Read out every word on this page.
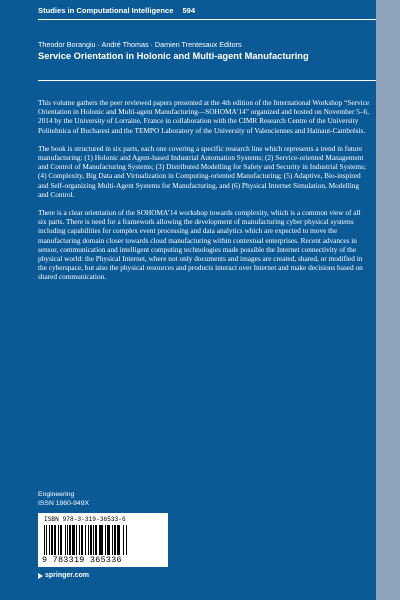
Studies in Computational Intelligence 594
Theodor Borangiu · André Thomas · Damien Trentesaux Editors
Service Orientation in Holonic and Multi-agent Manufacturing

This volume gathers the peer reviewed papers presented at the 4th edition of the International Workshop “Service Orientation in Holonic and Multi-agent Manufacturing—SOHOMA’14” organized and hosted on November 5–6, 2014 by the University of Lorraine, France in collaboration with the CIMR Research Centre of the University Politehnica of Bucharest and the TEMPO Laboratory of the University of Valenciennes and Hainaut-Cambrésis.

The book is structured in six parts, each one covering a specific research line which represents a trend in future manufacturing: (1) Holonic and Agent-based Industrial Automation Systems; (2) Service-oriented Management and Control of Manufacturing Systems; (3) Distributed Modelling for Safety and Security in Industrial Systems; (4) Complexity, Big Data and Virtualization in Computing-oriented Manufacturing; (5) Adaptive, Bio-inspired and Self-organizing Multi-Agent Systems for Manufacturing, and (6) Physical Internet Simulation, Modelling and Control.

There is a clear orientation of the SOHOMA’14 workshop towards complexity, which is a common view of all six parts. There is need for a framework allowing the development of manufacturing cyber physical systems including capabilities for complex event processing and data analytics which are expected to move the manufacturing domain closer towards cloud manufacturing within contextual enterprises. Recent advances in sensor, communication and intelligent computing technologies made possible the Internet connectivity of the physical world: the Physical Internet, where not only documents and images are created, shared, or modified in the cyberspace, but also the physical resources and products interact over Internet and make decisions based on shared communication.

Engineering
ISSN 1860-949X
ISBN 978-3-319-36533-6
9 783319 365336
springer.com
